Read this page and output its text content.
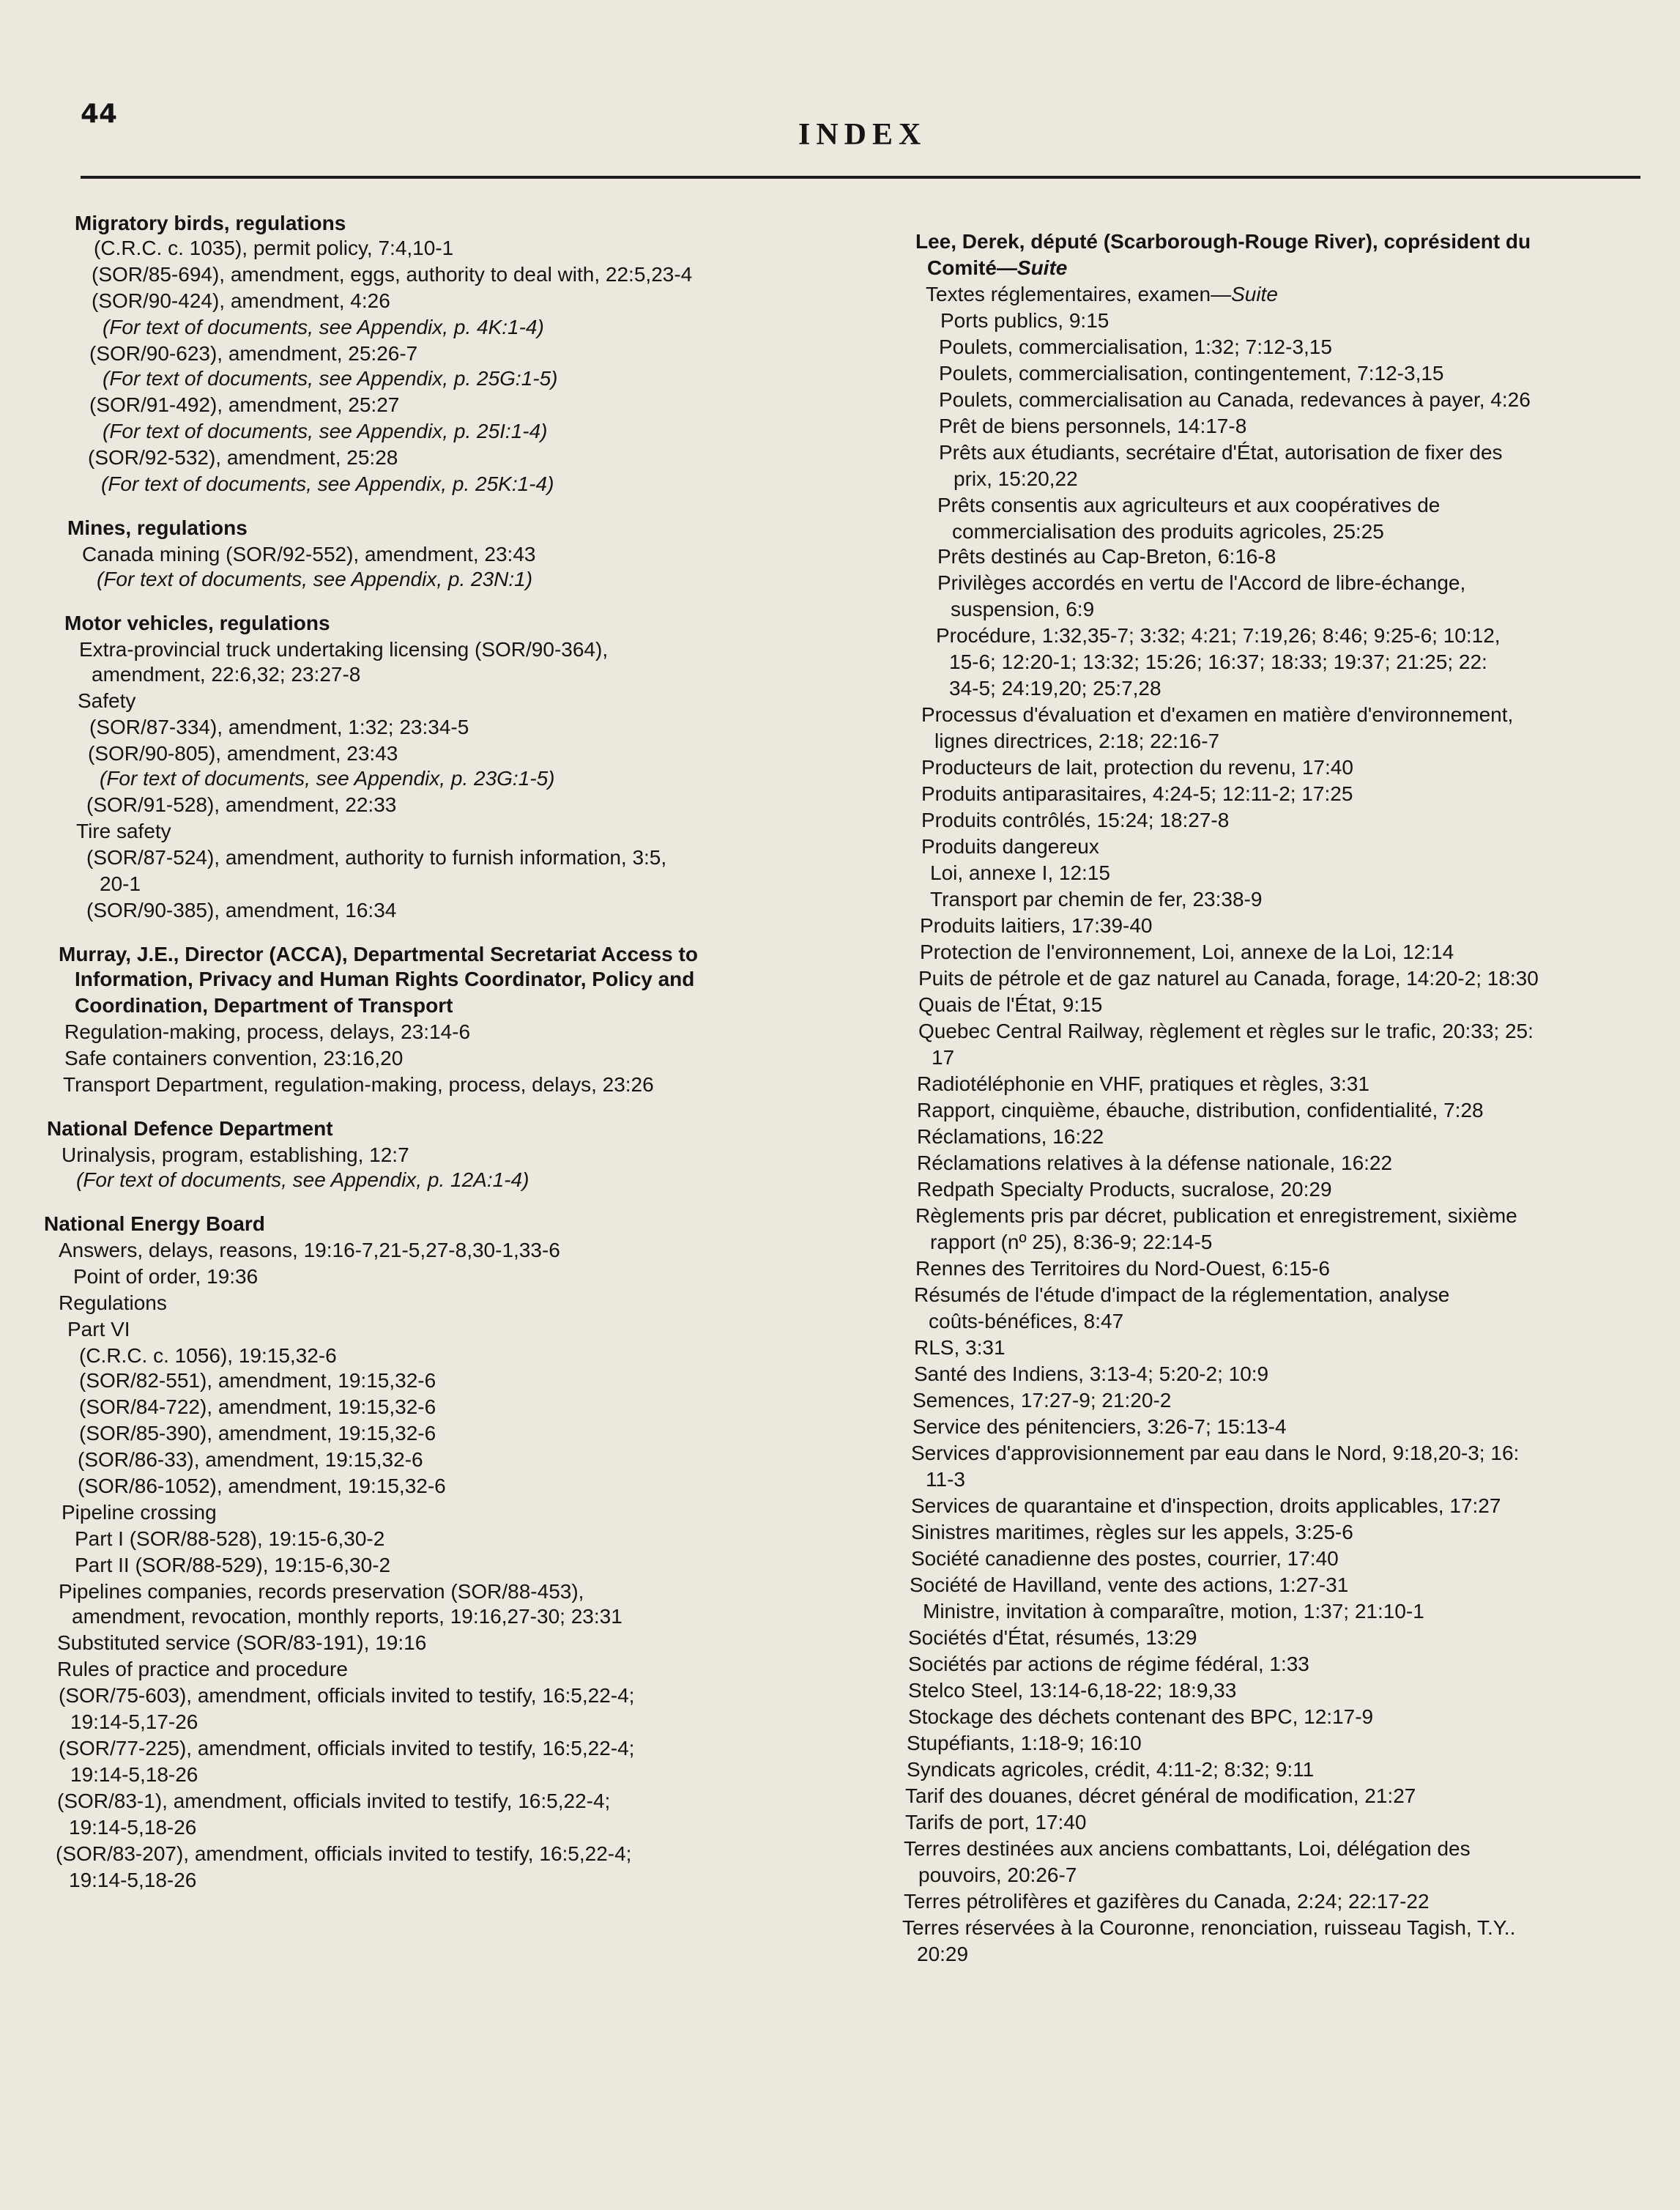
44
INDEX
Migratory birds, regulations
(C.R.C. c. 1035), permit policy, 7:4,10-1
(SOR/85-694), amendment, eggs, authority to deal with, 22:5,23-4
(SOR/90-424), amendment, 4:26
(For text of documents, see Appendix, p. 4K:1-4)
(SOR/90-623), amendment, 25:26-7
(For text of documents, see Appendix, p. 25G:1-5)
(SOR/91-492), amendment, 25:27
(For text of documents, see Appendix, p. 25I:1-4)
(SOR/92-532), amendment, 25:28
(For text of documents, see Appendix, p. 25K:1-4)
Mines, regulations
Canada mining (SOR/92-552), amendment, 23:43
(For text of documents, see Appendix, p. 23N:1)
Motor vehicles, regulations
Extra-provincial truck undertaking licensing (SOR/90-364),
amendment, 22:6,32; 23:27-8
Safety
(SOR/87-334), amendment, 1:32; 23:34-5
(SOR/90-805), amendment, 23:43
(For text of documents, see Appendix, p. 23G:1-5)
(SOR/91-528), amendment, 22:33
Tire safety
(SOR/87-524), amendment, authority to furnish information, 3:5,
20-1
(SOR/90-385), amendment, 16:34
Murray, J.E., Director (ACCA), Departmental Secretariat Access to
Information, Privacy and Human Rights Coordinator, Policy and
Coordination, Department of Transport
Regulation-making, process, delays, 23:14-6
Safe containers convention, 23:16,20
Transport Department, regulation-making, process, delays, 23:26
National Defence Department
Urinalysis, program, establishing, 12:7
(For text of documents, see Appendix, p. 12A:1-4)
National Energy Board
Answers, delays, reasons, 19:16-7,21-5,27-8,30-1,33-6
Point of order, 19:36
Regulations
Part VI
(C.R.C. c. 1056), 19:15,32-6
(SOR/82-551), amendment, 19:15,32-6
(SOR/84-722), amendment, 19:15,32-6
(SOR/85-390), amendment, 19:15,32-6
(SOR/86-33), amendment, 19:15,32-6
(SOR/86-1052), amendment, 19:15,32-6
Pipeline crossing
Part I (SOR/88-528), 19:15-6,30-2
Part II (SOR/88-529), 19:15-6,30-2
Pipelines companies, records preservation (SOR/88-453),
amendment, revocation, monthly reports, 19:16,27-30; 23:31
Substituted service (SOR/83-191), 19:16
Rules of practice and procedure
(SOR/75-603), amendment, officials invited to testify, 16:5,22-4;
19:14-5,17-26
(SOR/77-225), amendment, officials invited to testify, 16:5,22-4;
19:14-5,18-26
(SOR/83-1), amendment, officials invited to testify, 16:5,22-4;
19:14-5,18-26
(SOR/83-207), amendment, officials invited to testify, 16:5,22-4;
19:14-5,18-26
Lee, Derek, député (Scarborough-Rouge River), coprésident du
Comité—Suite
Textes réglementaires, examen—Suite
Ports publics, 9:15
Poulets, commercialisation, 1:32; 7:12-3,15
Poulets, commercialisation, contingentement, 7:12-3,15
Poulets, commercialisation au Canada, redevances à payer, 4:26
Prêt de biens personnels, 14:17-8
Prêts aux étudiants, secrétaire d'État, autorisation de fixer des
prix, 15:20,22
Prêts consentis aux agriculteurs et aux coopératives de
commercialisation des produits agricoles, 25:25
Prêts destinés au Cap-Breton, 6:16-8
Privilèges accordés en vertu de l'Accord de libre-échange,
suspension, 6:9
Procédure, 1:32,35-7; 3:32; 4:21; 7:19,26; 8:46; 9:25-6; 10:12,
15-6; 12:20-1; 13:32; 15:26; 16:37; 18:33; 19:37; 21:25; 22:
34-5; 24:19,20; 25:7,28
Processus d'évaluation et d'examen en matière d'environnement,
lignes directrices, 2:18; 22:16-7
Producteurs de lait, protection du revenu, 17:40
Produits antiparasitaires, 4:24-5; 12:11-2; 17:25
Produits contrôlés, 15:24; 18:27-8
Produits dangereux
Loi, annexe I, 12:15
Transport par chemin de fer, 23:38-9
Produits laitiers, 17:39-40
Protection de l'environnement, Loi, annexe de la Loi, 12:14
Puits de pétrole et de gaz naturel au Canada, forage, 14:20-2; 18:30
Quais de l'État, 9:15
Quebec Central Railway, règlement et règles sur le trafic, 20:33; 25:
17
Radiotéléphonie en VHF, pratiques et règles, 3:31
Rapport, cinquième, ébauche, distribution, confidentialité, 7:28
Réclamations, 16:22
Réclamations relatives à la défense nationale, 16:22
Redpath Specialty Products, sucralose, 20:29
Règlements pris par décret, publication et enregistrement, sixième
rapport (nº 25), 8:36-9; 22:14-5
Rennes des Territoires du Nord-Ouest, 6:15-6
Résumés de l'étude d'impact de la réglementation, analyse
coûts-bénéfices, 8:47
RLS, 3:31
Santé des Indiens, 3:13-4; 5:20-2; 10:9
Semences, 17:27-9; 21:20-2
Service des pénitenciers, 3:26-7; 15:13-4
Services d'approvisionnement par eau dans le Nord, 9:18,20-3; 16:
11-3
Services de quarantaine et d'inspection, droits applicables, 17:27
Sinistres maritimes, règles sur les appels, 3:25-6
Société canadienne des postes, courrier, 17:40
Société de Havilland, vente des actions, 1:27-31
Ministre, invitation à comparaître, motion, 1:37; 21:10-1
Sociétés d'État, résumés, 13:29
Sociétés par actions de régime fédéral, 1:33
Stelco Steel, 13:14-6,18-22; 18:9,33
Stockage des déchets contenant des BPC, 12:17-9
Stupéfiants, 1:18-9; 16:10
Syndicats agricoles, crédit, 4:11-2; 8:32; 9:11
Tarif des douanes, décret général de modification, 21:27
Tarifs de port, 17:40
Terres destinées aux anciens combattants, Loi, délégation des
pouvoirs, 20:26-7
Terres pétrolifères et gazifères du Canada, 2:24; 22:17-22
Terres réservées à la Couronne, renonciation, ruisseau Tagish, T.Y..
20:29
